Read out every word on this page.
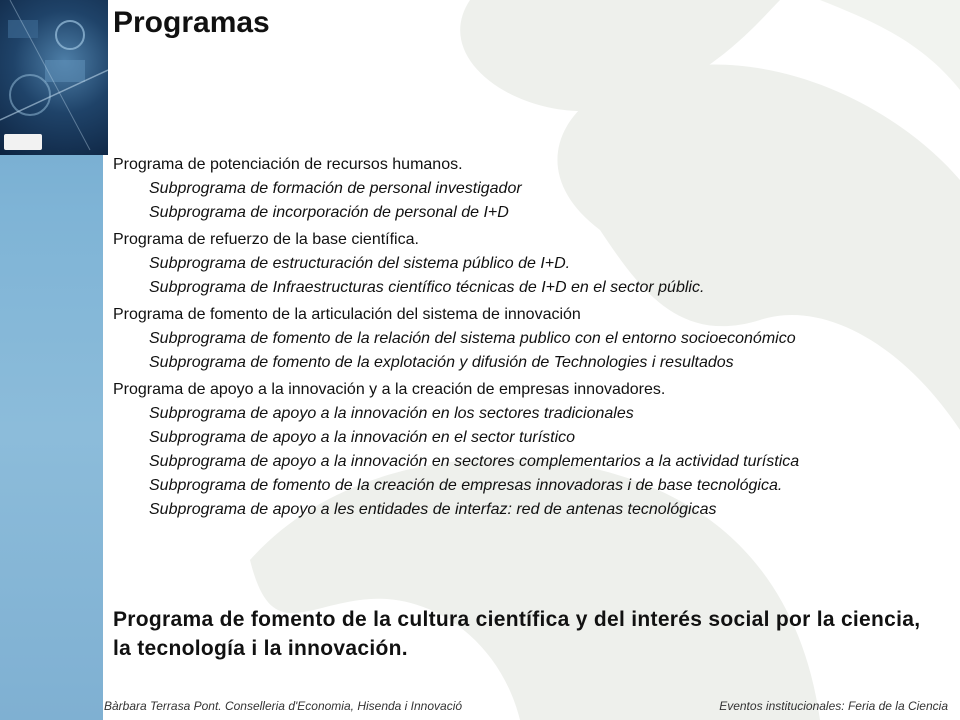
Programas
Programa de potenciación de recursos humanos.
Subprograma de formación de personal investigador
Subprograma de incorporación de personal de I+D
Programa de refuerzo de la base científica.
Subprograma de estructuración del sistema público de I+D.
Subprograma de Infraestructuras científico técnicas de I+D en el sector públic.
Programa de fomento de la articulación del sistema de innovación
Subprograma de fomento de la relación del sistema publico con el entorno socioeconómico
Subprograma de fomento de la explotación y difusión de Technologies i resultados
Programa de apoyo a la innovación y a la creación de empresas innovadores.
Subprograma de apoyo a la innovación en los sectores tradicionales
Subprograma de apoyo a la innovación en el sector turístico
Subprograma de apoyo a la innovación en sectores complementarios a la actividad turística
Subprograma de fomento de la creación de empresas innovadoras i de base tecnológica.
Subprograma de apoyo a les entidades de interfaz: red de antenas tecnológicas
Programa de fomento de la cultura científica y del interés social por la ciencia, la tecnología i la innovación.
Bàrbara Terrasa Pont. Conselleria d'Economia, Hisenda i Innovació	Eventos institucionales: Feria de la Ciencia
